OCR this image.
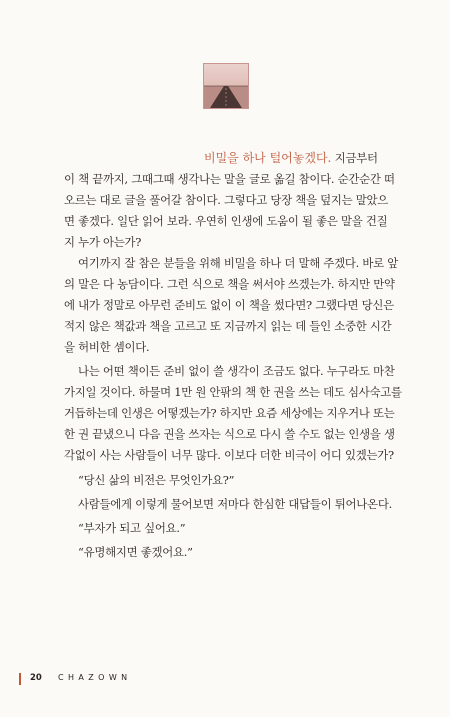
비밀을 하나 털어놓겠다. 지금부터
이 책 끝까지, 그때그때 생각나는 말을 글로 옮길 참이다. 순간순간 떠
오르는 대로 글을 풀어갈 참이다. 그렇다고 당장 책을 덮지는 말았으
면 좋겠다. 일단 읽어 보라. 우연히 인생에 도움이 될 좋은 말을 건질
지 누가 아는가?
여기까지 잘 참은 분들을 위해 비밀을 하나 더 말해 주겠다. 바로 앞
의 말은 다 농담이다. 그런 식으로 책을 써서야 쓰겠는가. 하지만 만약
에 내가 정말로 아무런 준비도 없이 이 책을 썼다면? 그랬다면 당신은
적지 않은 책값과 책을 고르고 또 지금까지 읽는 데 들인 소중한 시간
을 허비한 셈이다.
나는 어떤 책이든 준비 없이 쓸 생각이 조금도 없다. 누구라도 마찬
가지일 것이다. 하물며 1만 원 안팎의 책 한 권을 쓰는 데도 심사숙고를
거듭하는데 인생은 어떻겠는가? 하지만 요즘 세상에는 지우거나 또는
한 권 끝냈으니 다음 권을 쓰자는 식으로 다시 쓸 수도 없는 인생을 생
각없이 사는 사람들이 너무 많다. 이보다 더한 비극이 어디 있겠는가?
“당신 삶의 비전은 무엇인가요?”
사람들에게 이렇게 물어보면 저마다 한심한 대답들이 튀어나온다.
“부자가 되고 싶어요.”
“유명해지면 좋겠어요.”
20 CHAZOWN
